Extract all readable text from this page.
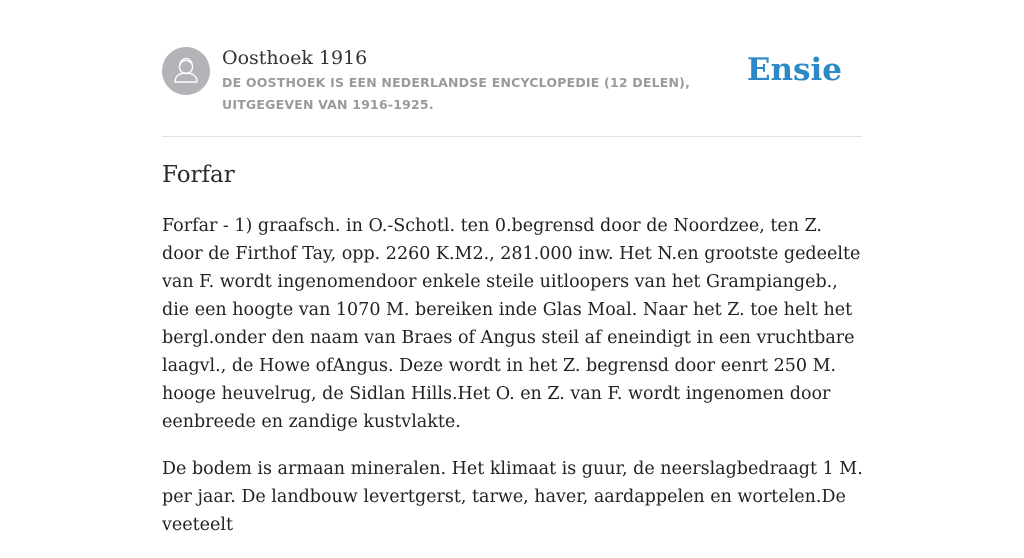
Oosthoek 1916

DE OOSTHOEK IS EEN NEDERLANDSE ENCYCLOPEDIE (12 DELEN), UITGEGEVEN VAN 1916-1925.

Ensie
Forfar

Forfar - 1) graafsch. in O.-Schotl. ten 0.begrensd door de Noordzee, ten Z. door de Firthof Tay, opp. 2260 K.M2., 281.000 inw. Het N.en grootste gedeelte van F. wordt ingenomendoor enkele steile uitloopers van het Grampiangeb., die een hoogte van 1070 M. bereiken inde Glas Moal. Naar het Z. toe helt het bergl.onder den naam van Braes of Angus steil af eneindigt in een vruchtbare laagvl., de Howe ofAngus. Deze wordt in het Z. begrensd door eenrt 250 M. hooge heuvelrug, de Sidlan Hills.Het O. en Z. van F. wordt ingenomen door eenbreede en zandige kustvlakte.

De bodem is armaan mineralen. Het klimaat is guur, de neerslagbedraagt 1 M. per jaar. De landbouw levertgerst, tarwe, haver, aardappelen en wortelen.De veeteelt
